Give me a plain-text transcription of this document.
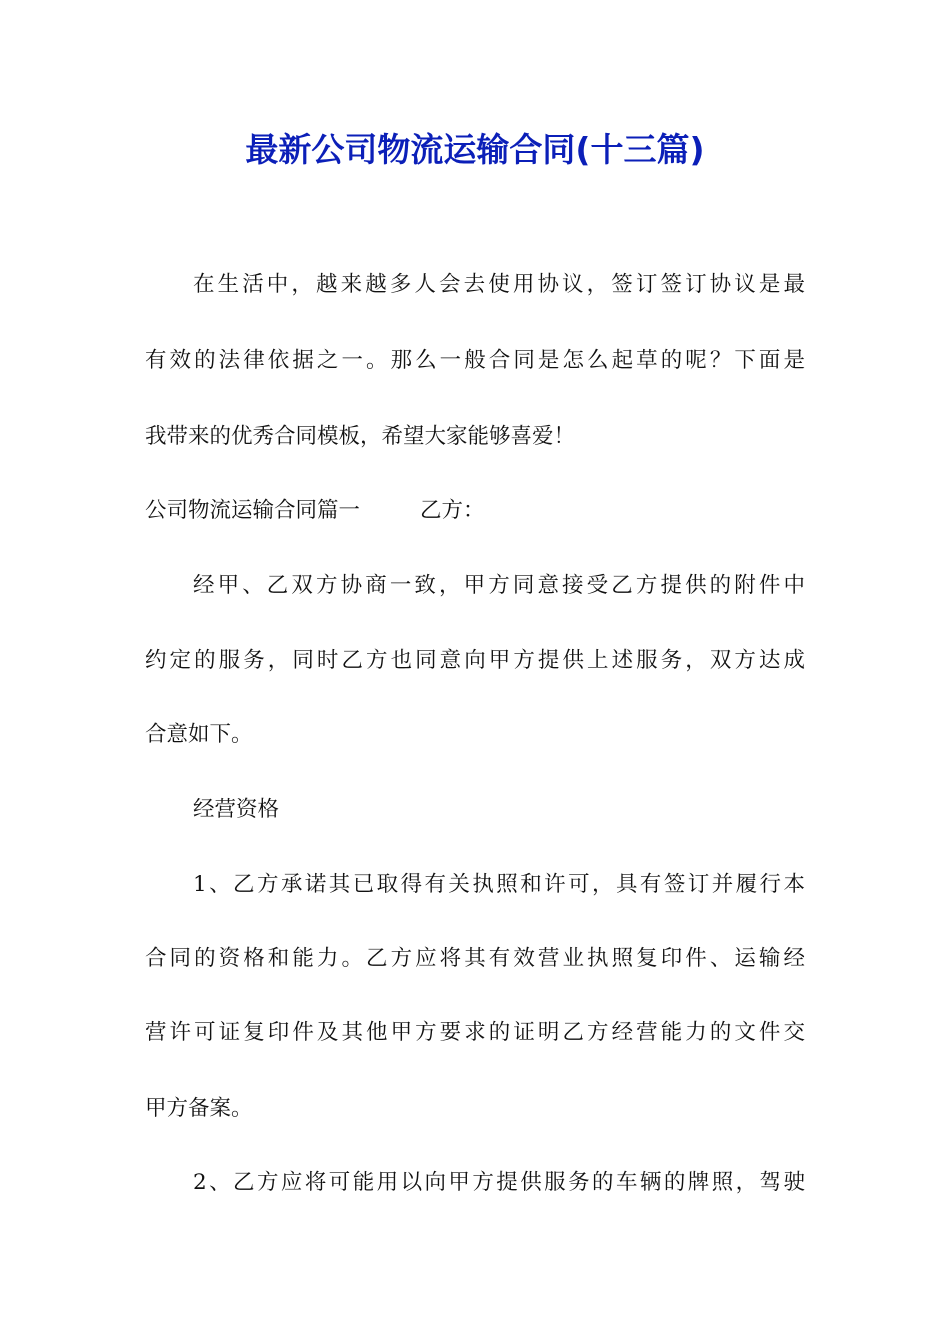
最新公司物流运输合同(十三篇)
在生活中，越来越多人会去使用协议，签订签订协议是最
有效的法律依据之一。那么一般合同是怎么起草的呢？下面是
我带来的优秀合同模板，希望大家能够喜爱！
公司物流运输合同篇一	乙方：
经甲、乙双方协商一致，甲方同意接受乙方提供的附件中
约定的服务，同时乙方也同意向甲方提供上述服务，双方达成
合意如下。
经营资格
1、乙方承诺其已取得有关执照和许可，具有签订并履行本
合同的资格和能力。乙方应将其有效营业执照复印件、运输经
营许可证复印件及其他甲方要求的证明乙方经营能力的文件交
甲方备案。
2、乙方应将可能用以向甲方提供服务的车辆的牌照，驾驶
